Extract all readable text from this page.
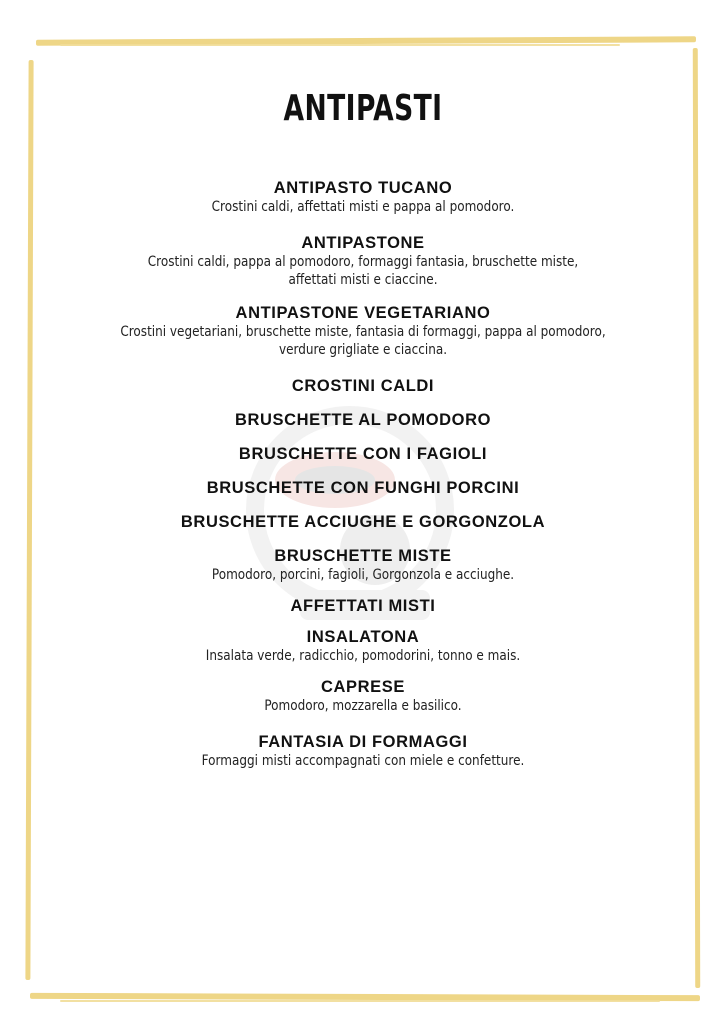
ANTIPASTI
ANTIPASTO TUCANO
Crostini caldi, affettati misti e pappa al pomodoro.
ANTIPASTONE
Crostini caldi, pappa al pomodoro, formaggi fantasia, bruschette miste,
affettati misti e ciaccine.
ANTIPASTONE VEGETARIANO
Crostini vegetariani, bruschette miste, fantasia di formaggi, pappa al pomodoro,
verdure grigliate e ciaccina.
CROSTINI CALDI
BRUSCHETTE AL POMODORO
BRUSCHETTE CON I FAGIOLI
BRUSCHETTE CON FUNGHI PORCINI
BRUSCHETTE ACCIUGHE E GORGONZOLA
BRUSCHETTE MISTE
Pomodoro, porcini, fagioli, Gorgonzola e acciughe.
AFFETTATI MISTI
INSALATONA
Insalata verde, radicchio, pomodorini, tonno e mais.
CAPRESE
Pomodoro, mozzarella e basilico.
FANTASIA DI FORMAGGI
Formaggi misti accompagnati con miele e confetture.
